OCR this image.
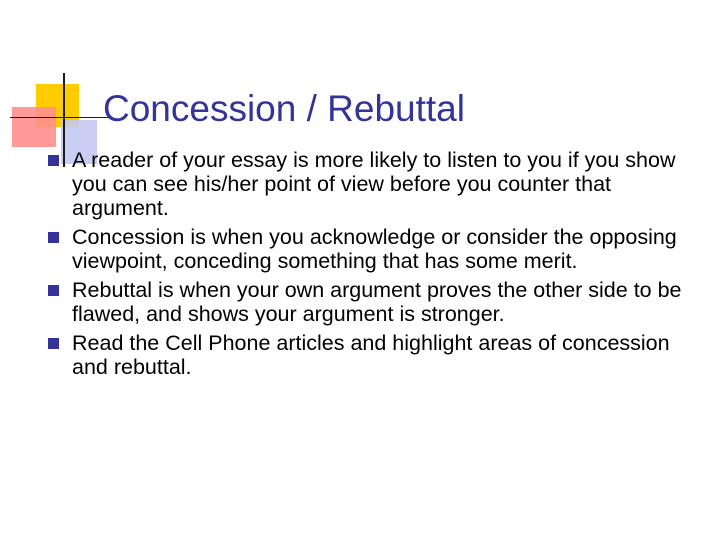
Concession / Rebuttal
A reader of your essay is more likely to listen to you if you show you can see his/her point of view before you counter that argument.
Concession is when you acknowledge or consider the opposing viewpoint, conceding something that has some merit.
Rebuttal is when your own argument proves the other side to be flawed, and shows your argument is stronger.
Read the Cell Phone articles and highlight areas of concession and rebuttal.
